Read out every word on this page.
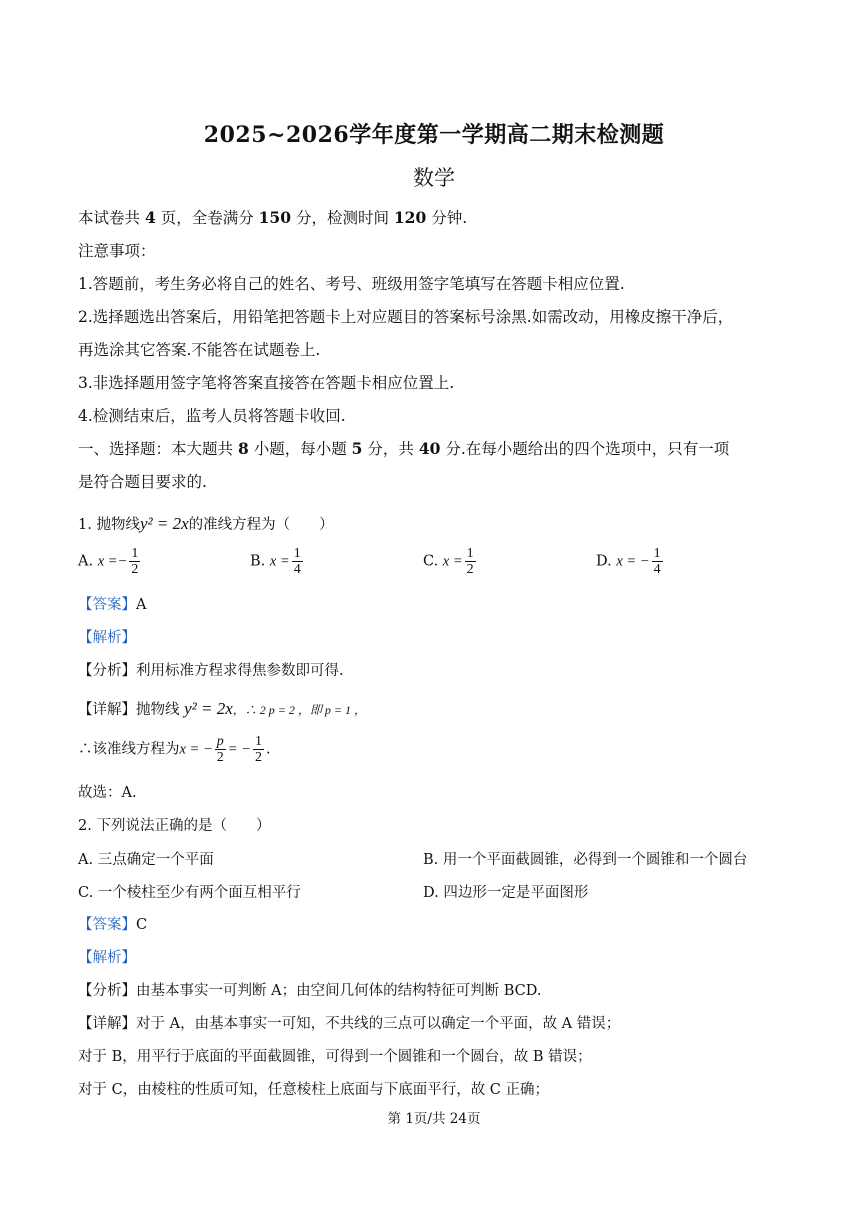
2025~2026学年度第一学期高二期末检测题
数学
本试卷共 4 页，全卷满分 150 分，检测时间 120 分钟.
注意事项：
1.答题前，考生务必将自己的姓名、考号、班级用签字笔填写在答题卡相应位置.
2.选择题选出答案后，用铅笔把答题卡上对应题目的答案标号涂黑.如需改动，用橡皮擦干净后，
再选涂其它答案.不能答在试题卷上.
3.非选择题用签字笔将答案直接答在答题卡相应位置上.
4.检测结束后，监考人员将答题卡收回.
一、选择题：本大题共 8 小题，每小题 5 分，共 40 分.在每小题给出的四个选项中，只有一项
是符合题目要求的.
1. 抛物线y² = 2x的准线方程为（　　）
A. $x =- \frac{1}{2}$	B. $x = \frac{1}{4}$	C. $x = \frac{1}{2}$	D. x = − $\frac{1}{4}$
【答案】A
【解析】
【分析】利用标准方程求得焦参数即可得.
【详解】抛物线 y² = 2x，∴ 2 p = 2 ，即 p = 1 ，
∴该准线方程为x = − $\frac{p}{2}$ = − $\frac{1}{2}$ .
故选：A.
2. 下列说法正确的是（　　）
A. 三点确定一个平面	B. 用一个平面截圆锥，必得到一个圆锥和一个圆台
C. 一个棱柱至少有两个面互相平行	D. 四边形一定是平面图形
【答案】C
【解析】
【分析】由基本事实一可判断 A；由空间几何体的结构特征可判断 BCD.
【详解】对于 A，由基本事实一可知，不共线的三点可以确定一个平面，故 A 错误；
对于 B，用平行于底面的平面截圆锥，可得到一个圆锥和一个圆台，故 B 错误；
对于 C，由棱柱的性质可知，任意棱柱上底面与下底面平行，故 C 正确；
第 1页/共 24页
